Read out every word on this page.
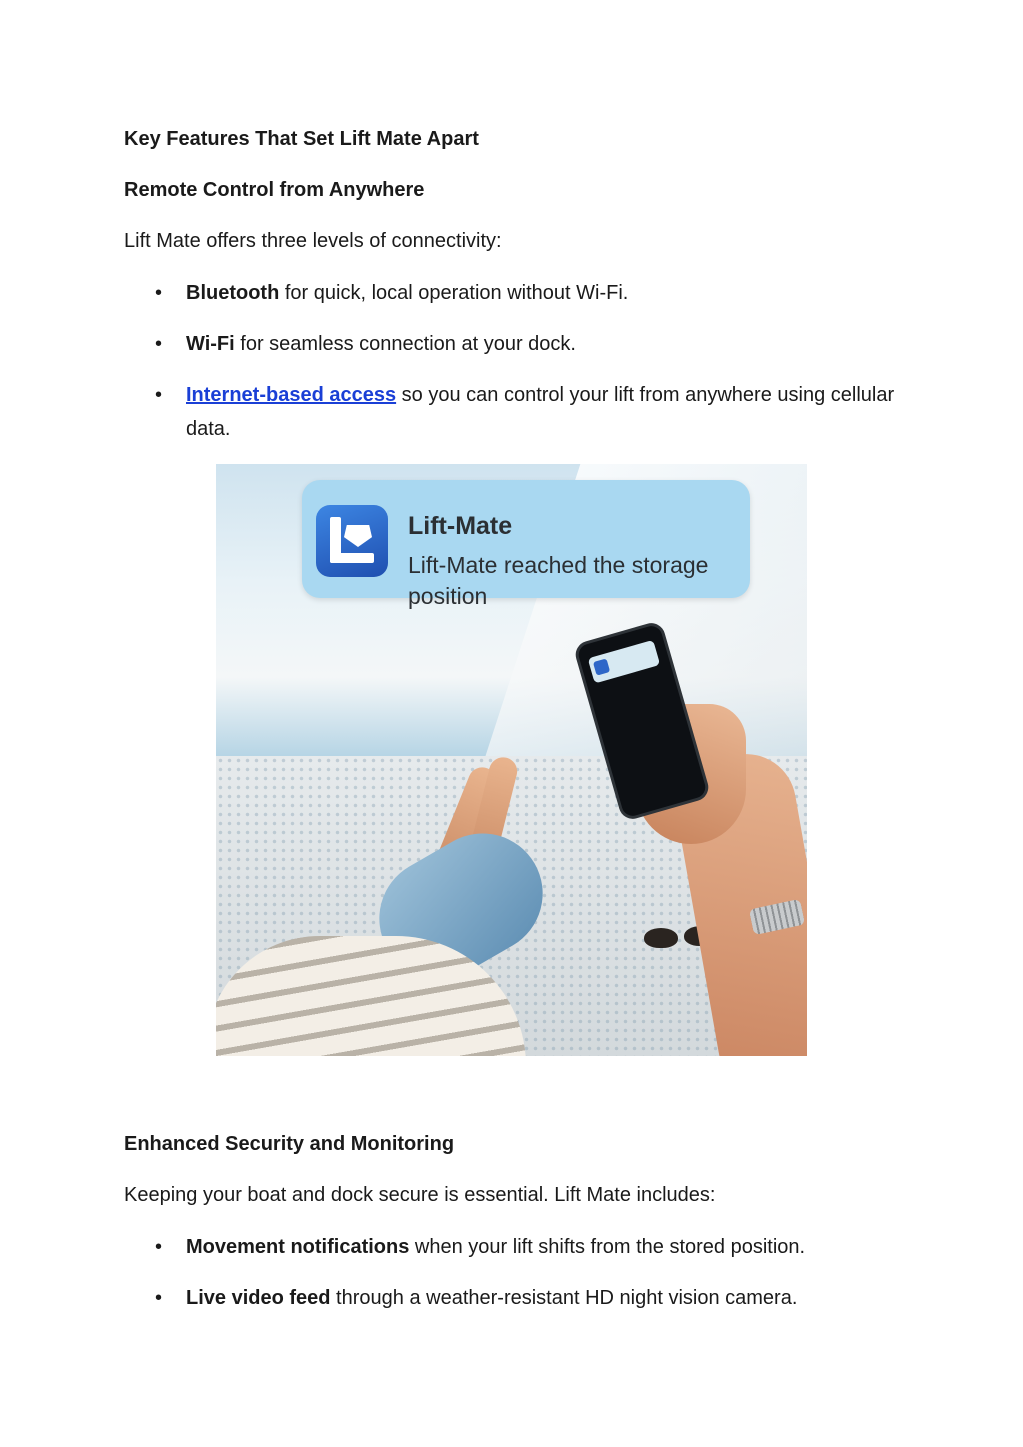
Key Features That Set Lift Mate Apart
Remote Control from Anywhere

Lift Mate offers three levels of connectivity:

• Bluetooth for quick, local operation without Wi-Fi.

• Wi-Fi for seamless connection at your dock.

• Internet-based access so you can control your lift from anywhere using cellular data.

Lift-Mate
Lift-Mate reached the storage position
Enhanced Security and Monitoring

Keeping your boat and dock secure is essential. Lift Mate includes:

• Movement notifications when your lift shifts from the stored position.

• Live video feed through a weather-resistant HD night vision camera.
